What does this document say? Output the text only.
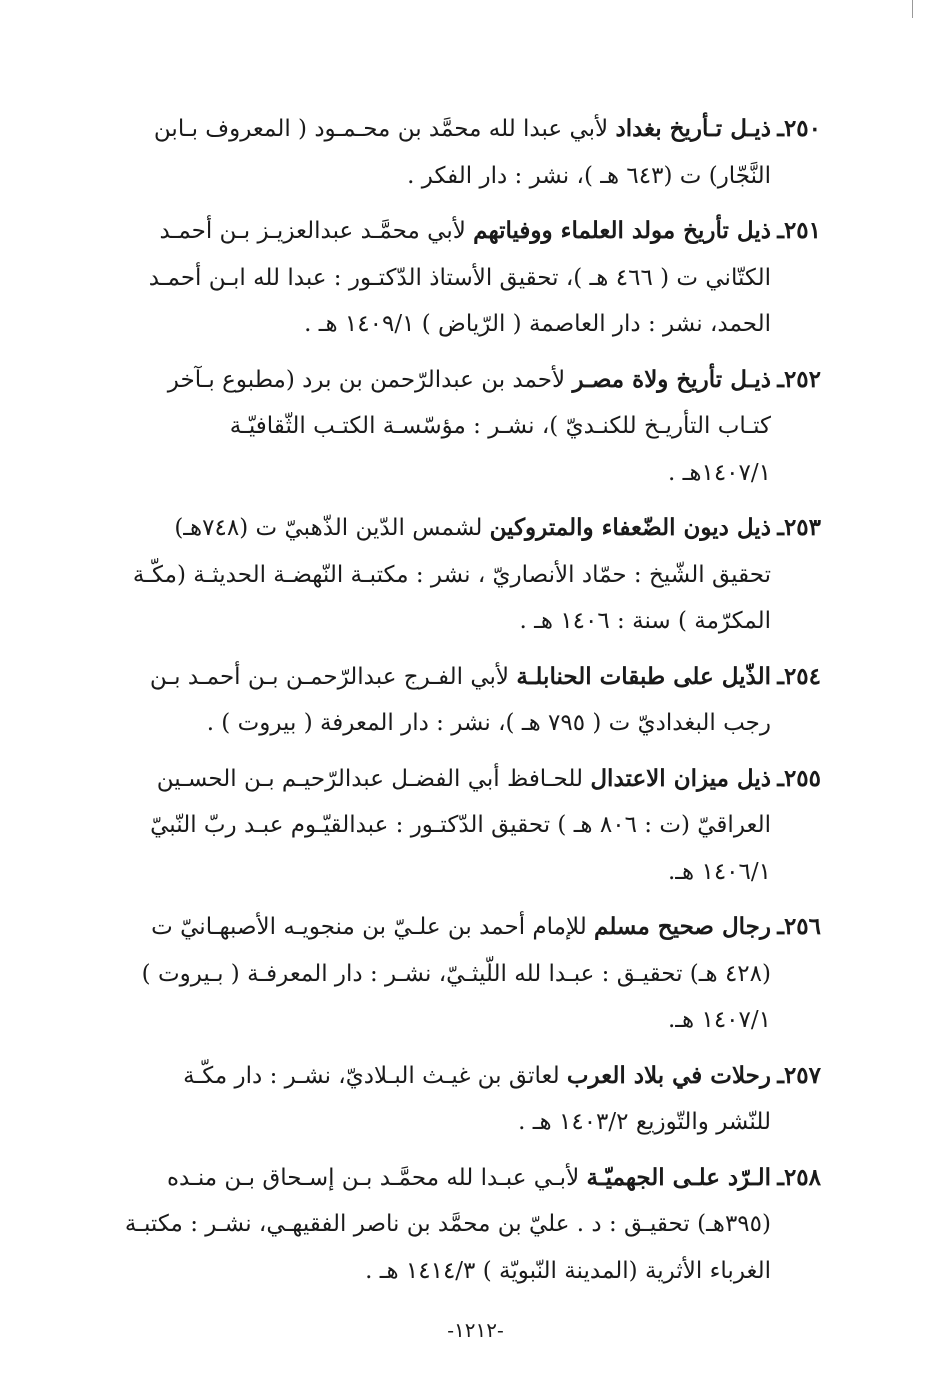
٢٥٠ـ
ذيـل تـأريخ بغداد لأبي عبدا لله محمَّد بن محـمـود ( المعروف بـابن
النَّجّار) ت (٦٤٣ هـ )، نشر : دار الفكر .
٢٥١ـ
ذيل تأريخ مولد العلماء ووفياتهم لأبي محمَّـد عبدالعزيـز بـن أحمـد
الكتّاني ت ( ٤٦٦ هـ )، تحقيق الأستاذ الدّكتـور : عبدا لله ابـن أحمـد
الحمد، نشر : دار العاصمة ( الرّياض ) ١٤٠٩/١ هـ .
٢٥٢ـ
ذيـل تأريخ ولاة مصـر لأحمد بن عبدالرّحمن بن برد (مطبوع بـآخر
كتـاب التأريـخ للكنـديّ )، نشـر : مؤسّسـة الكتـب الثّقافيّـة
١٤٠٧/١هـ .
٢٥٣ـ
ذيل ديون الضّعفاء والمتروكين لشمس الدّين الذّهبيّ ت (٧٤٨هـ)
تحقيق الشّيخ : حمّاد الأنصاريّ ، نشر : مكتبـة النّهضـة الحديثـة (مكّـة
المكرّمة ) سنة : ١٤٠٦ هـ .
٢٥٤ـ
الذّيل على طبقات الحنابلـة لأبي الفـرج عبدالرّحمـن بـن أحمـد بـن
رجب البغداديّ ت ( ٧٩٥ هـ )، نشر : دار المعرفة ( بيروت ) .
٢٥٥ـ
ذيل ميزان الاعتدال للحـافظ أبي الفضـل عبدالرّحيـم بـن الحسـين
العراقيّ (ت : ٨٠٦ هـ ) تحقيق الدّكتـور : عبدالقيّـوم عبـد ربّ النّبيّ
١٤٠٦/١ هـ.
٢٥٦ـ
رجال صحيح مسلم للإمام أحمد بن علـيّ بن منجويـه الأصبهـانيّ ت
(٤٢٨ هـ) تحقيـق : عبـدا لله اللّيثـيّ، نشـر : دار المعرفـة ( بـيروت )
١٤٠٧/١ هـ.
٢٥٧ـ
رحلات في بلاد العرب لعاتق بن غيـث البـلاديّ، نشـر : دار مكّـة
للنّشر والتّوزيع ١٤٠٣/٢ هـ .
٢٥٨ـ
الـرّد علـى الجهميّـة لأبـي عبـدا لله محمَّـد بـن إسـحاق بـن منـده
(٣٩٥هـ) تحقيـق : د . عليّ بن محمَّد بن ناصر الفقيهـي، نشـر : مكتبـة
الغرباء الأثرية (المدينة النّبويّة ) ١٤١٤/٣ هـ .
-١٢١٢-
